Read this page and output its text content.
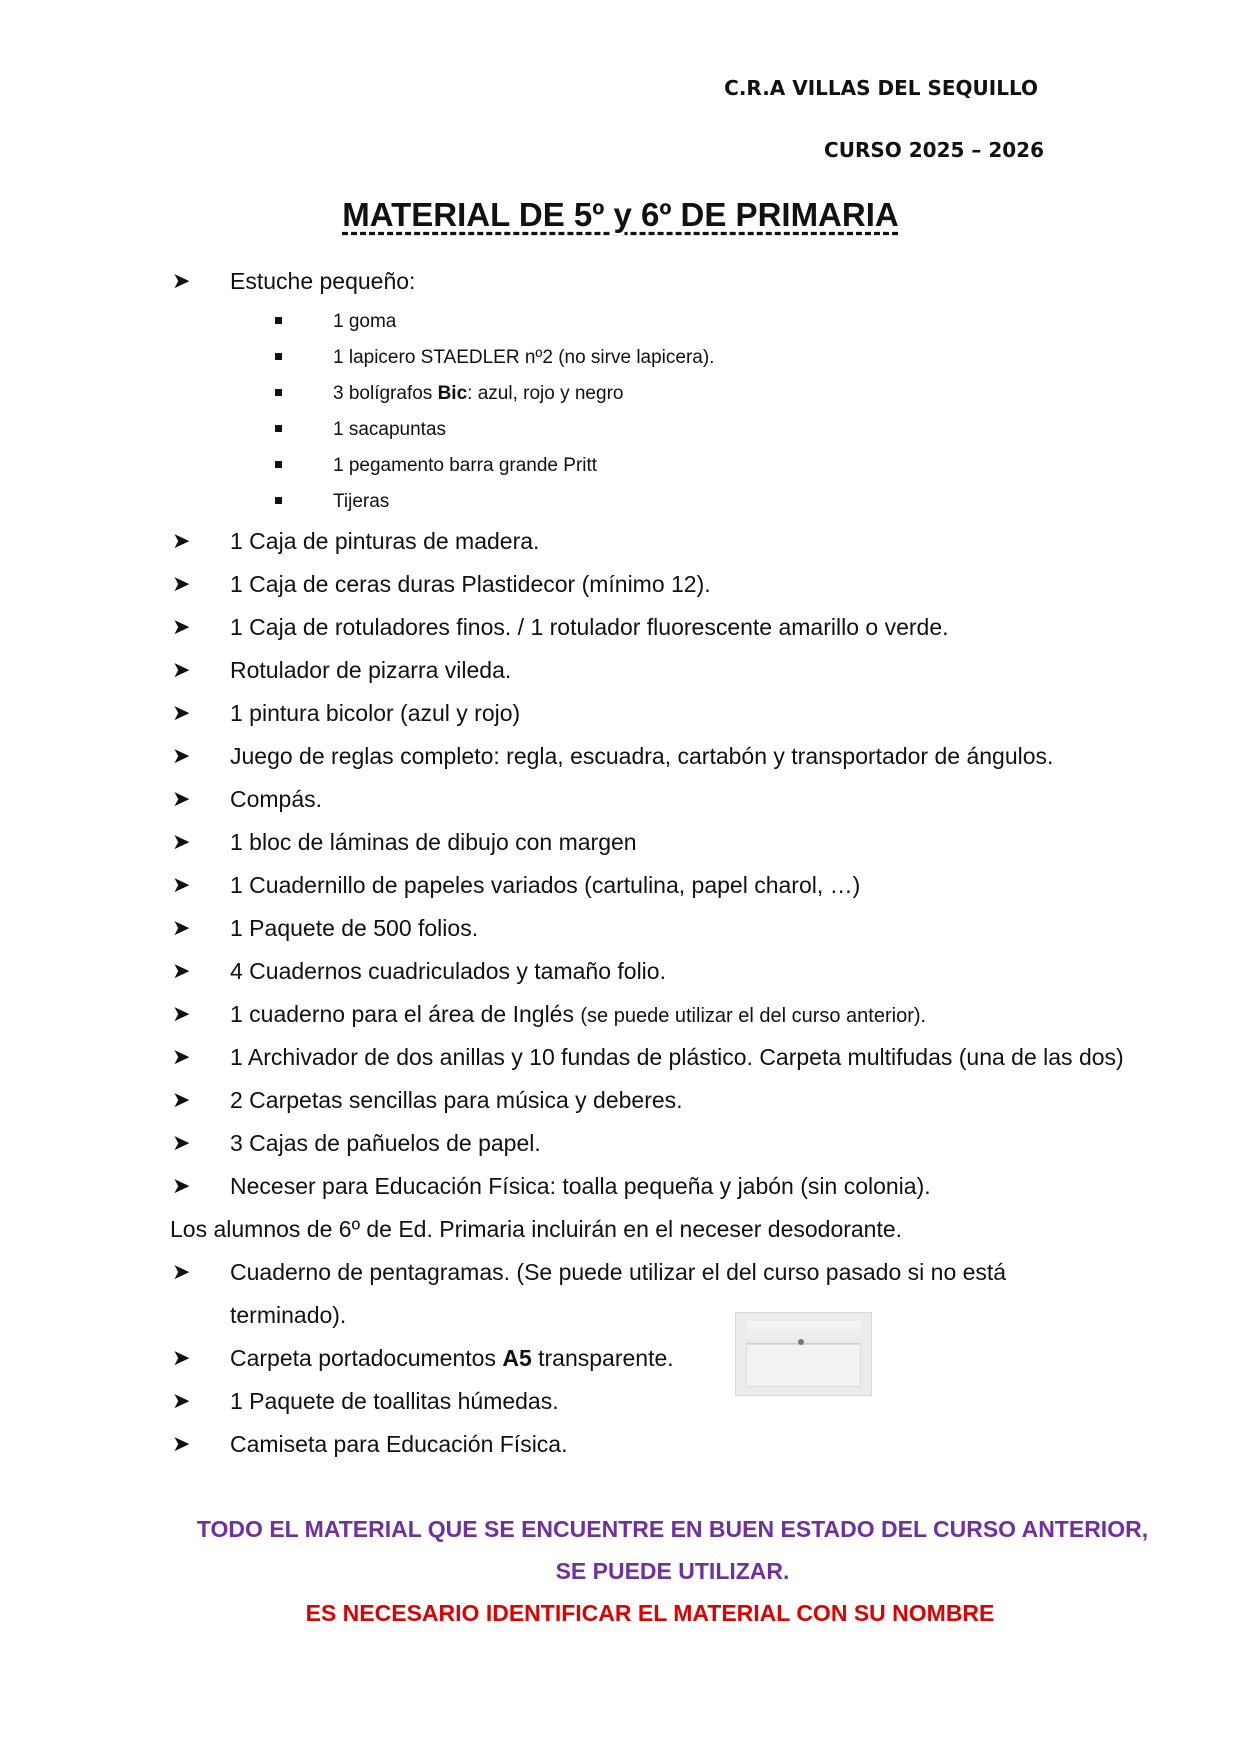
C.R.A VILLAS DEL SEQUILLO
CURSO 2025 – 2026
MATERIAL DE 5º y 6º DE PRIMARIA
➤ Estuche pequeño:
1 goma
1 lapicero STAEDLER nº2 (no sirve lapicera).
3 bolígrafos Bic: azul, rojo y negro
1 sacapuntas
1 pegamento barra grande Pritt
Tijeras
➤ 1 Caja de pinturas de madera.
➤ 1 Caja de ceras duras Plastidecor (mínimo 12).
➤ 1 Caja de rotuladores finos. / 1 rotulador fluorescente amarillo o verde.
➤ Rotulador de pizarra vileda.
➤ 1 pintura bicolor (azul y rojo)
➤ Juego de reglas completo: regla, escuadra, cartabón y transportador de ángulos.
➤ Compás.
➤ 1 bloc de láminas de dibujo con margen
➤ 1 Cuadernillo de papeles variados (cartulina, papel charol, …)
➤ 1 Paquete de 500 folios.
➤ 4 Cuadernos cuadriculados y tamaño folio.
➤ 1 cuaderno para el área de Inglés (se puede utilizar el del curso anterior).
➤ 1 Archivador de dos anillas y 10 fundas de plástico. Carpeta multifudas (una de las dos)
➤ 2 Carpetas sencillas para música y deberes.
➤ 3 Cajas de pañuelos de papel.
➤ Neceser para Educación Física: toalla pequeña y jabón (sin colonia).
Los alumnos de 6º de Ed. Primaria incluirán en el neceser desodorante.
➤ Cuaderno de pentagramas. (Se puede utilizar el del curso pasado si no está
terminado).
➤ Carpeta portadocumentos A5 transparente.
➤ 1 Paquete de toallitas húmedas.
➤ Camiseta para Educación Física.
TODO EL MATERIAL QUE SE ENCUENTRE EN BUEN ESTADO DEL CURSO ANTERIOR,
SE PUEDE UTILIZAR.
ES NECESARIO IDENTIFICAR EL MATERIAL CON SU NOMBRE
